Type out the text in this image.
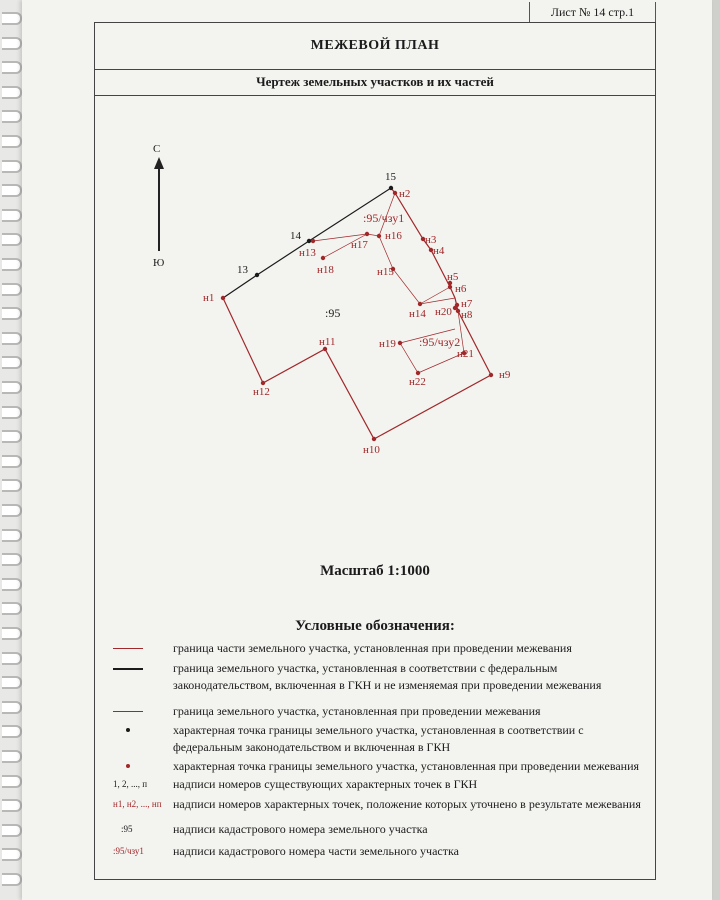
Лист № 14 стр.1
МЕЖЕВОЙ ПЛАН
Чертеж земельных участков и их частей
С
Ю
13
14
15
н1
н2
н3
н4
н5
н6
н7
н8
н9
н10
н11
н12
н13
н14
н15
н16
н17
н18
н19
н20
н21
н22
:95
:95/чзу1
:95/чзу2
Масштаб 1:1000
Условные обозначения:
граница части земельного участка, установленная при проведении межевания
граница земельного участка, установленная в соответствии с федеральным законодательством, включенная в ГКН и не изменяемая при проведении межевания
граница земельного участка, установленная при проведении межевания
характерная точка границы земельного участка, установленная в соответствии с федеральным законодательством и включенная в ГКН
характерная точка границы земельного участка, установленная при проведении межевания
1, 2, ..., п надписи номеров существующих характерных точек в ГКН
н1, н2, ..., нп надписи номеров характерных точек, положение которых уточнено в результате межевания
:95	надписи кадастрового номера земельного участка
:95/чзу1 надписи кадастрового номера части земельного участка
